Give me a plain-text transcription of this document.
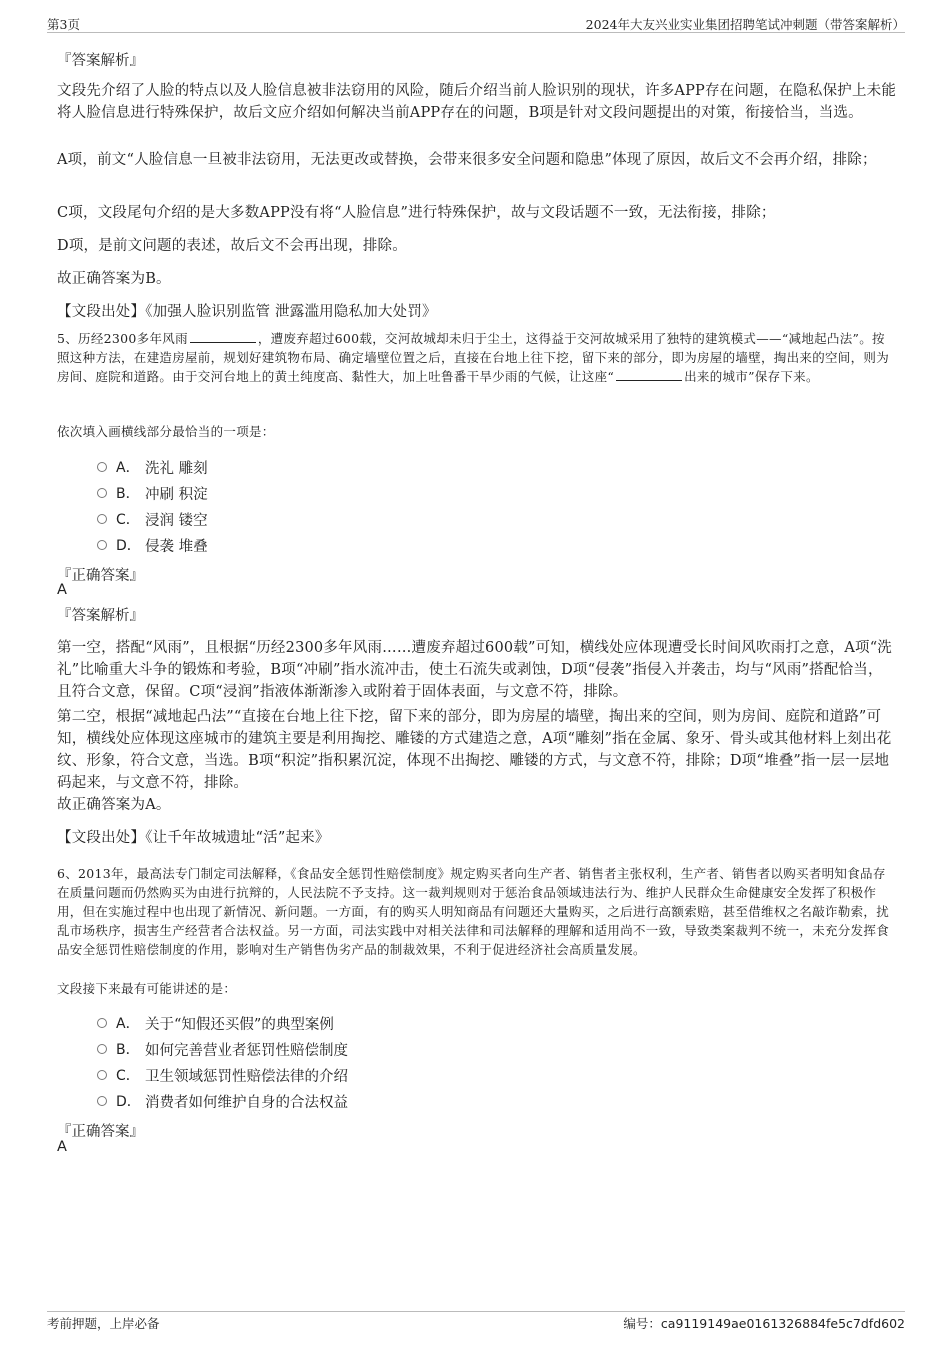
第3页	2024年大友兴业实业集团招聘笔试冲刺题（带答案解析）
『答案解析』
文段先介绍了人脸的特点以及人脸信息被非法窃用的风险，随后介绍当前人脸识别的现状，许多APP存在问题，在隐私保护上未能将人脸信息进行特殊保护，故后文应介绍如何解决当前APP存在的问题，B项是针对文段问题提出的对策，衔接恰当，当选。
A项，前文“人脸信息一旦被非法窃用，无法更改或替换，会带来很多安全问题和隐患”体现了原因，故后文不会再介绍，排除；
C项，文段尾句介绍的是大多数APP没有将“人脸信息”进行特殊保护，故与文段话题不一致，无法衔接，排除；
D项，是前文问题的表述，故后文不会再出现，排除。
故正确答案为B。
【文段出处】《加强人脸识别监管 泄露滥用隐私加大处罚》
5、历经2300多年风雨	，遭废弃超过600载，交河故城却未归于尘土，这得益于交河故城采用了独特的建筑模式——“减地起凸法”。按照这种方法，在建造房屋前，规划好建筑物布局、确定墙壁位置之后，直接在台地上往下挖，留下来的部分，即为房屋的墙壁，掏出来的空间，则为房间、庭院和道路。由于交河台地上的黄土纯度高、黏性大，加上吐鲁番干旱少雨的气候，让这座“	出来的城市”保存下来。
依次填入画横线部分最恰当的一项是：
A． 洗礼 雕刻
B． 冲刷 积淀
C． 浸润 镂空
D． 侵袭 堆叠
『正确答案』
A
『答案解析』
第一空，搭配“风雨”，且根据“历经2300多年风雨……遭废弃超过600载”可知，横线处应体现遭受长时间风吹雨打之意，A项“洗礼”比喻重大斗争的锻炼和考验，B项“冲刷”指水流冲击，使土石流失或剥蚀，D项“侵袭”指侵入并袭击，均与“风雨”搭配恰当，且符合文意，保留。C项“浸润”指液体渐渐渗入或附着于固体表面，与文意不符，排除。
第二空，根据“减地起凸法”“直接在台地上往下挖，留下来的部分，即为房屋的墙壁，掏出来的空间，则为房间、庭院和道路”可知，横线处应体现这座城市的建筑主要是利用掏挖、雕镂的方式建造之意，A项“雕刻”指在金属、象牙、骨头或其他材料上刻出花纹、形象，符合文意，当选。B项“积淀”指积累沉淀，体现不出掏挖、雕镂的方式，与文意不符，排除；D项“堆叠”指一层一层地码起来，与文意不符，排除。
故正确答案为A。
【文段出处】《让千年故城遗址“活”起来》
6、2013年，最高法专门制定司法解释，《食品安全惩罚性赔偿制度》规定购买者向生产者、销售者主张权利，生产者、销售者以购买者明知食品存在质量问题而仍然购买为由进行抗辩的，人民法院不予支持。这一裁判规则对于惩治食品领域违法行为、维护人民群众生命健康安全发挥了积极作用，但在实施过程中也出现了新情况、新问题。一方面，有的购买人明知商品有问题还大量购买，之后进行高额索赔，甚至借维权之名敲诈勒索，扰乱市场秩序，损害生产经营者合法权益。另一方面，司法实践中对相关法律和司法解释的理解和适用尚不一致，导致类案裁判不统一，未充分发挥食品安全惩罚性赔偿制度的作用，影响对生产销售伪劣产品的制裁效果，不利于促进经济社会高质量发展。
文段接下来最有可能讲述的是：
A． 关于“知假还买假”的典型案例
B． 如何完善营业者惩罚性赔偿制度
C． 卫生领域惩罚性赔偿法律的介绍
D． 消费者如何维护自身的合法权益
『正确答案』
A
考前押题，上岸必备	编号：ca9119149ae0161326884fe5c7dfd602
